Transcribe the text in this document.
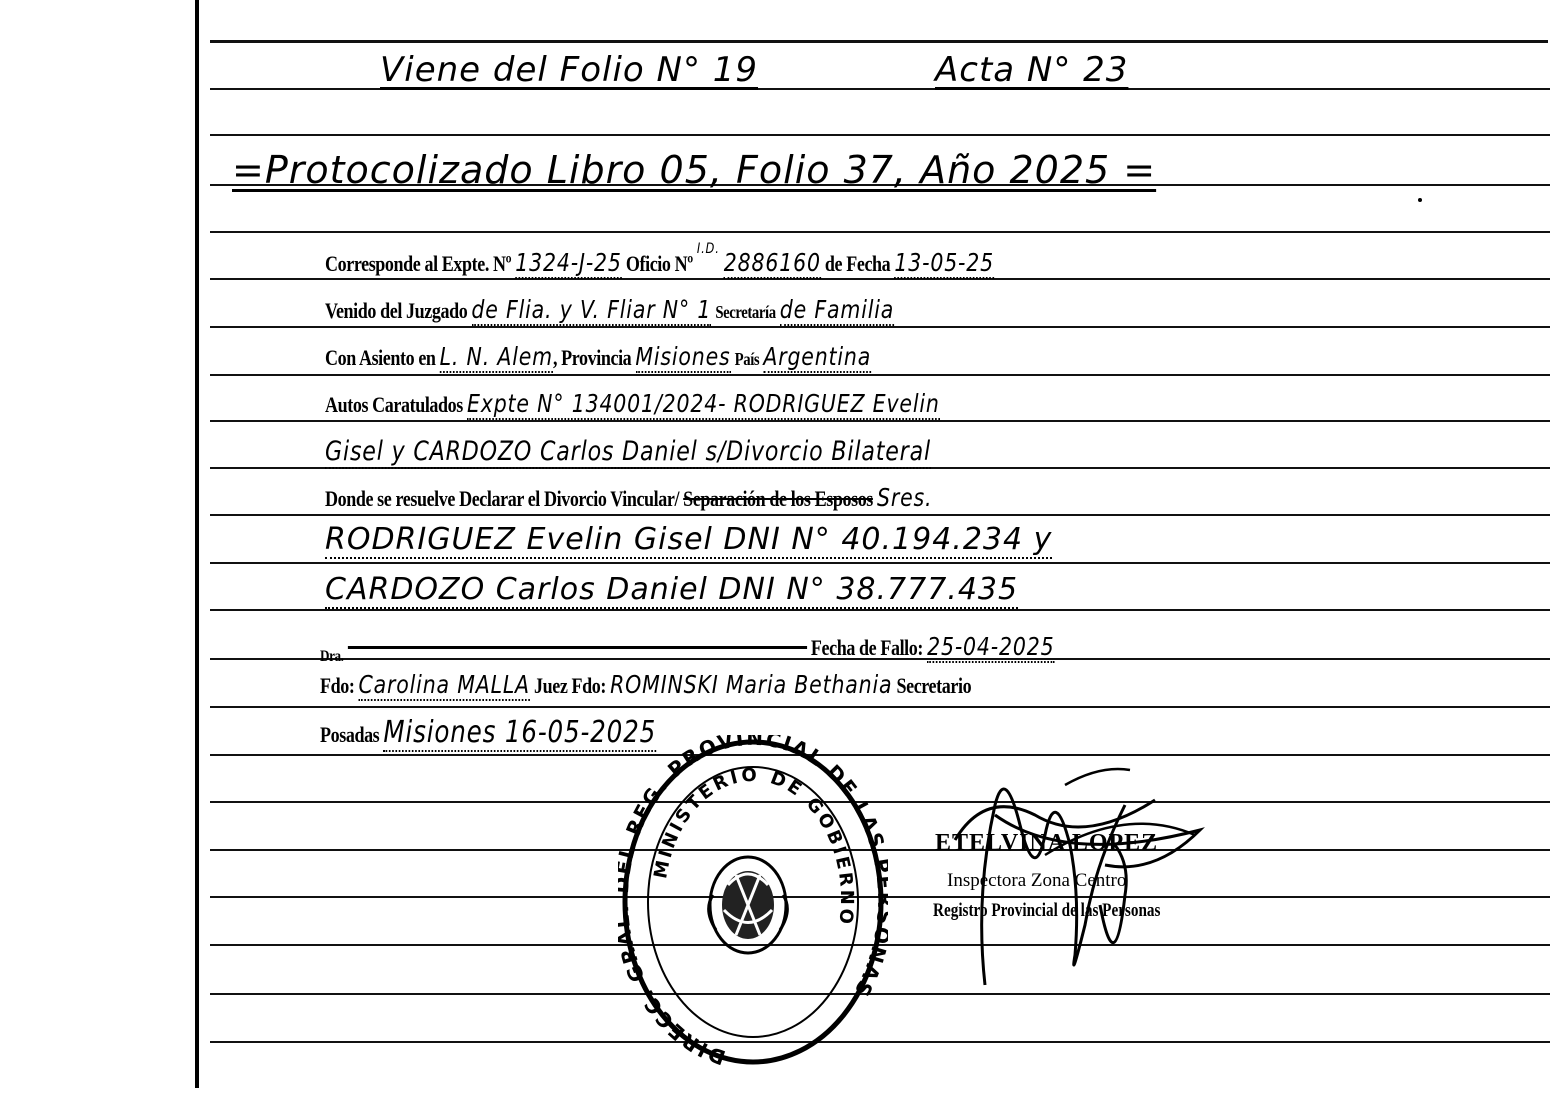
Viene del Folio N° 19	Acta N° 23
=Protocolizado Libro 05, Folio 37, Año 2025 =
Corresponde al Expte. Nº 1324-J-25 Oficio Nº $^{I.D.}$ 2886160 de Fecha 13-05-25
Venido del Juzgado de Flia. y V. Fliar N° 1 Secretaría de Familia
Con Asiento en L. N. Alem, Provincia Misiones País Argentina
Autos Caratulados Expte N° 134001/2024- RODRIGUEZ Evelin
Gisel y CARDOZO Carlos Daniel s/Divorcio Bilateral
Donde se resuelve Declarar el Divorcio Vincular/ Separación de los Esposos Sres.
RODRIGUEZ Evelin Gisel DNI N° 40.194.234 y
CARDOZO Carlos Daniel DNI N° 38.777.435
$_{Dra.}$	Fecha de Fallo: 25-04-2025
Fdo: Carolina MALLA Juez Fdo: ROMINSKI Maria Bethania Secretario
Posadas Misiones 16-05-2025
DIRECC. G REG. PROVINCIAL DE LAS AS
MINISTERIO DE GOBIERNO
ETELVINA LOPEZ
Inspectora Zona Centro
Registro Provincial de las Personas
